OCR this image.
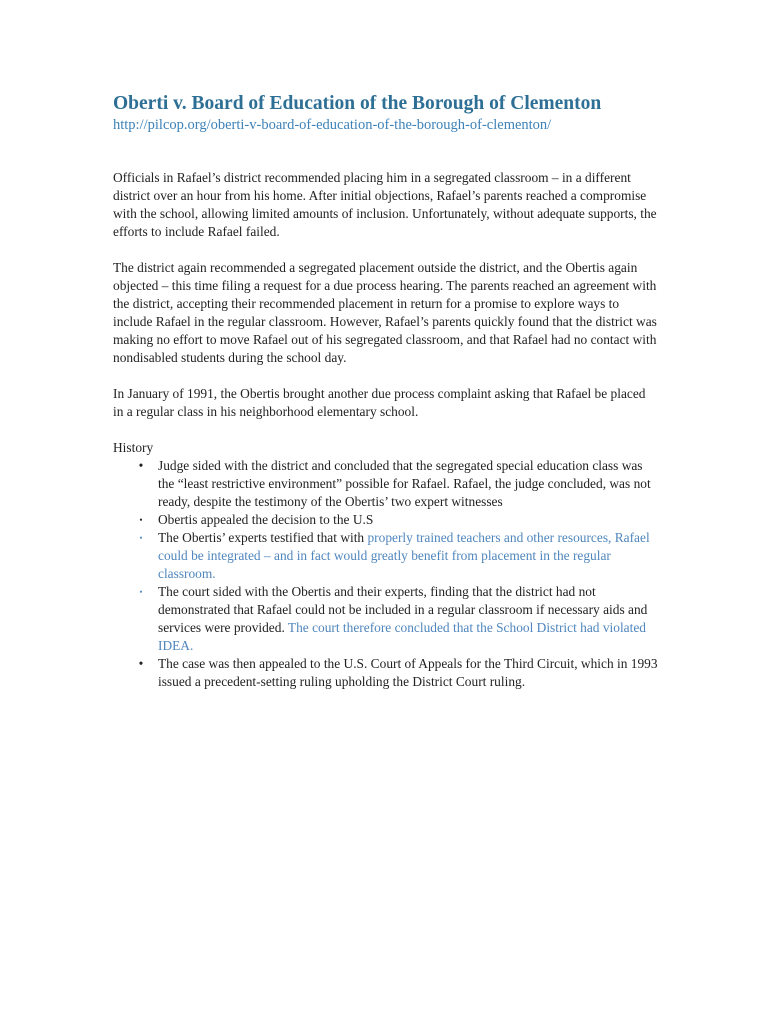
Oberti v. Board of Education of the Borough of Clementon

http://pilcop.org/oberti-v-board-of-education-of-the-borough-of-clementon/

Officials in Rafael’s district recommended placing him in a segregated classroom – in a different district over an hour from his home. After initial objections, Rafael’s parents reached a compromise with the school, allowing limited amounts of inclusion. Unfortunately, without adequate supports, the efforts to include Rafael failed.

The district again recommended a segregated placement outside the district, and the Obertis again objected – this time filing a request for a due process hearing. The parents reached an agreement with the district, accepting their recommended placement in return for a promise to explore ways to include Rafael in the regular classroom. However, Rafael’s parents quickly found that the district was making no effort to move Rafael out of his segregated classroom, and that Rafael had no contact with nondisabled students during the school day.

In January of 1991, the Obertis brought another due process complaint asking that Rafael be placed in a regular class in his neighborhood elementary school.

History

• Judge sided with the district and concluded that the segregated special education class was the “least restrictive environment” possible for Rafael. Rafael, the judge concluded, was not ready, despite the testimony of the Obertis’ two expert witnesses
•	Obertis appealed the decision to the U.S
•	The Obertis’ experts testified that with properly trained teachers and other resources, Rafael could be integrated – and in fact would greatly benefit from placement in the regular classroom.
•	The court sided with the Obertis and their experts, finding that the district had not demonstrated that Rafael could not be included in a regular classroom if necessary aids and services were provided. The court therefore concluded that the School District had violated IDEA.
• The case was then appealed to the U.S. Court of Appeals for the Third Circuit, which in 1993 issued a precedent-setting ruling upholding the District Court ruling.
